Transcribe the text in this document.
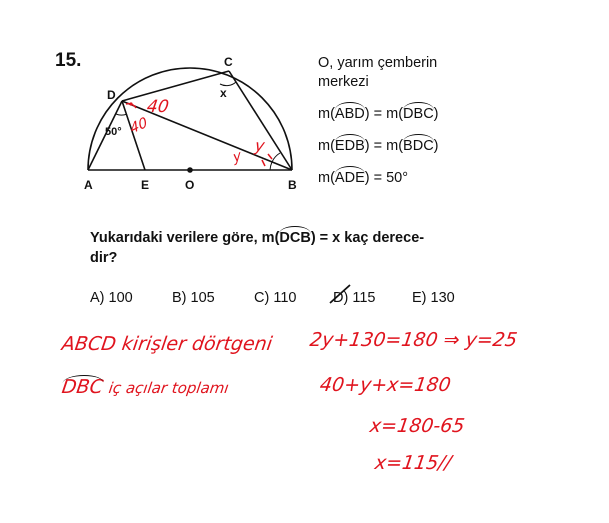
15.
A	E	O	B
C
D
50°
x
40
40
y
y
O, yarım çemberin
merkezi
m(ABD) = m(DBC)
m(EDB) = m(BDC)
m(ADE) = 50°
Yukarıdaki verilere göre, m(DCB) = x kaç derece-
dir?
A) 100	B) 105	C) 110	D) 115	E) 130
ABCD kirişler dörtgeni 2y+130=180 ⇒ y=25
DBC iç açılar toplamı	40+y+x=180
x=180-65
x=115//
